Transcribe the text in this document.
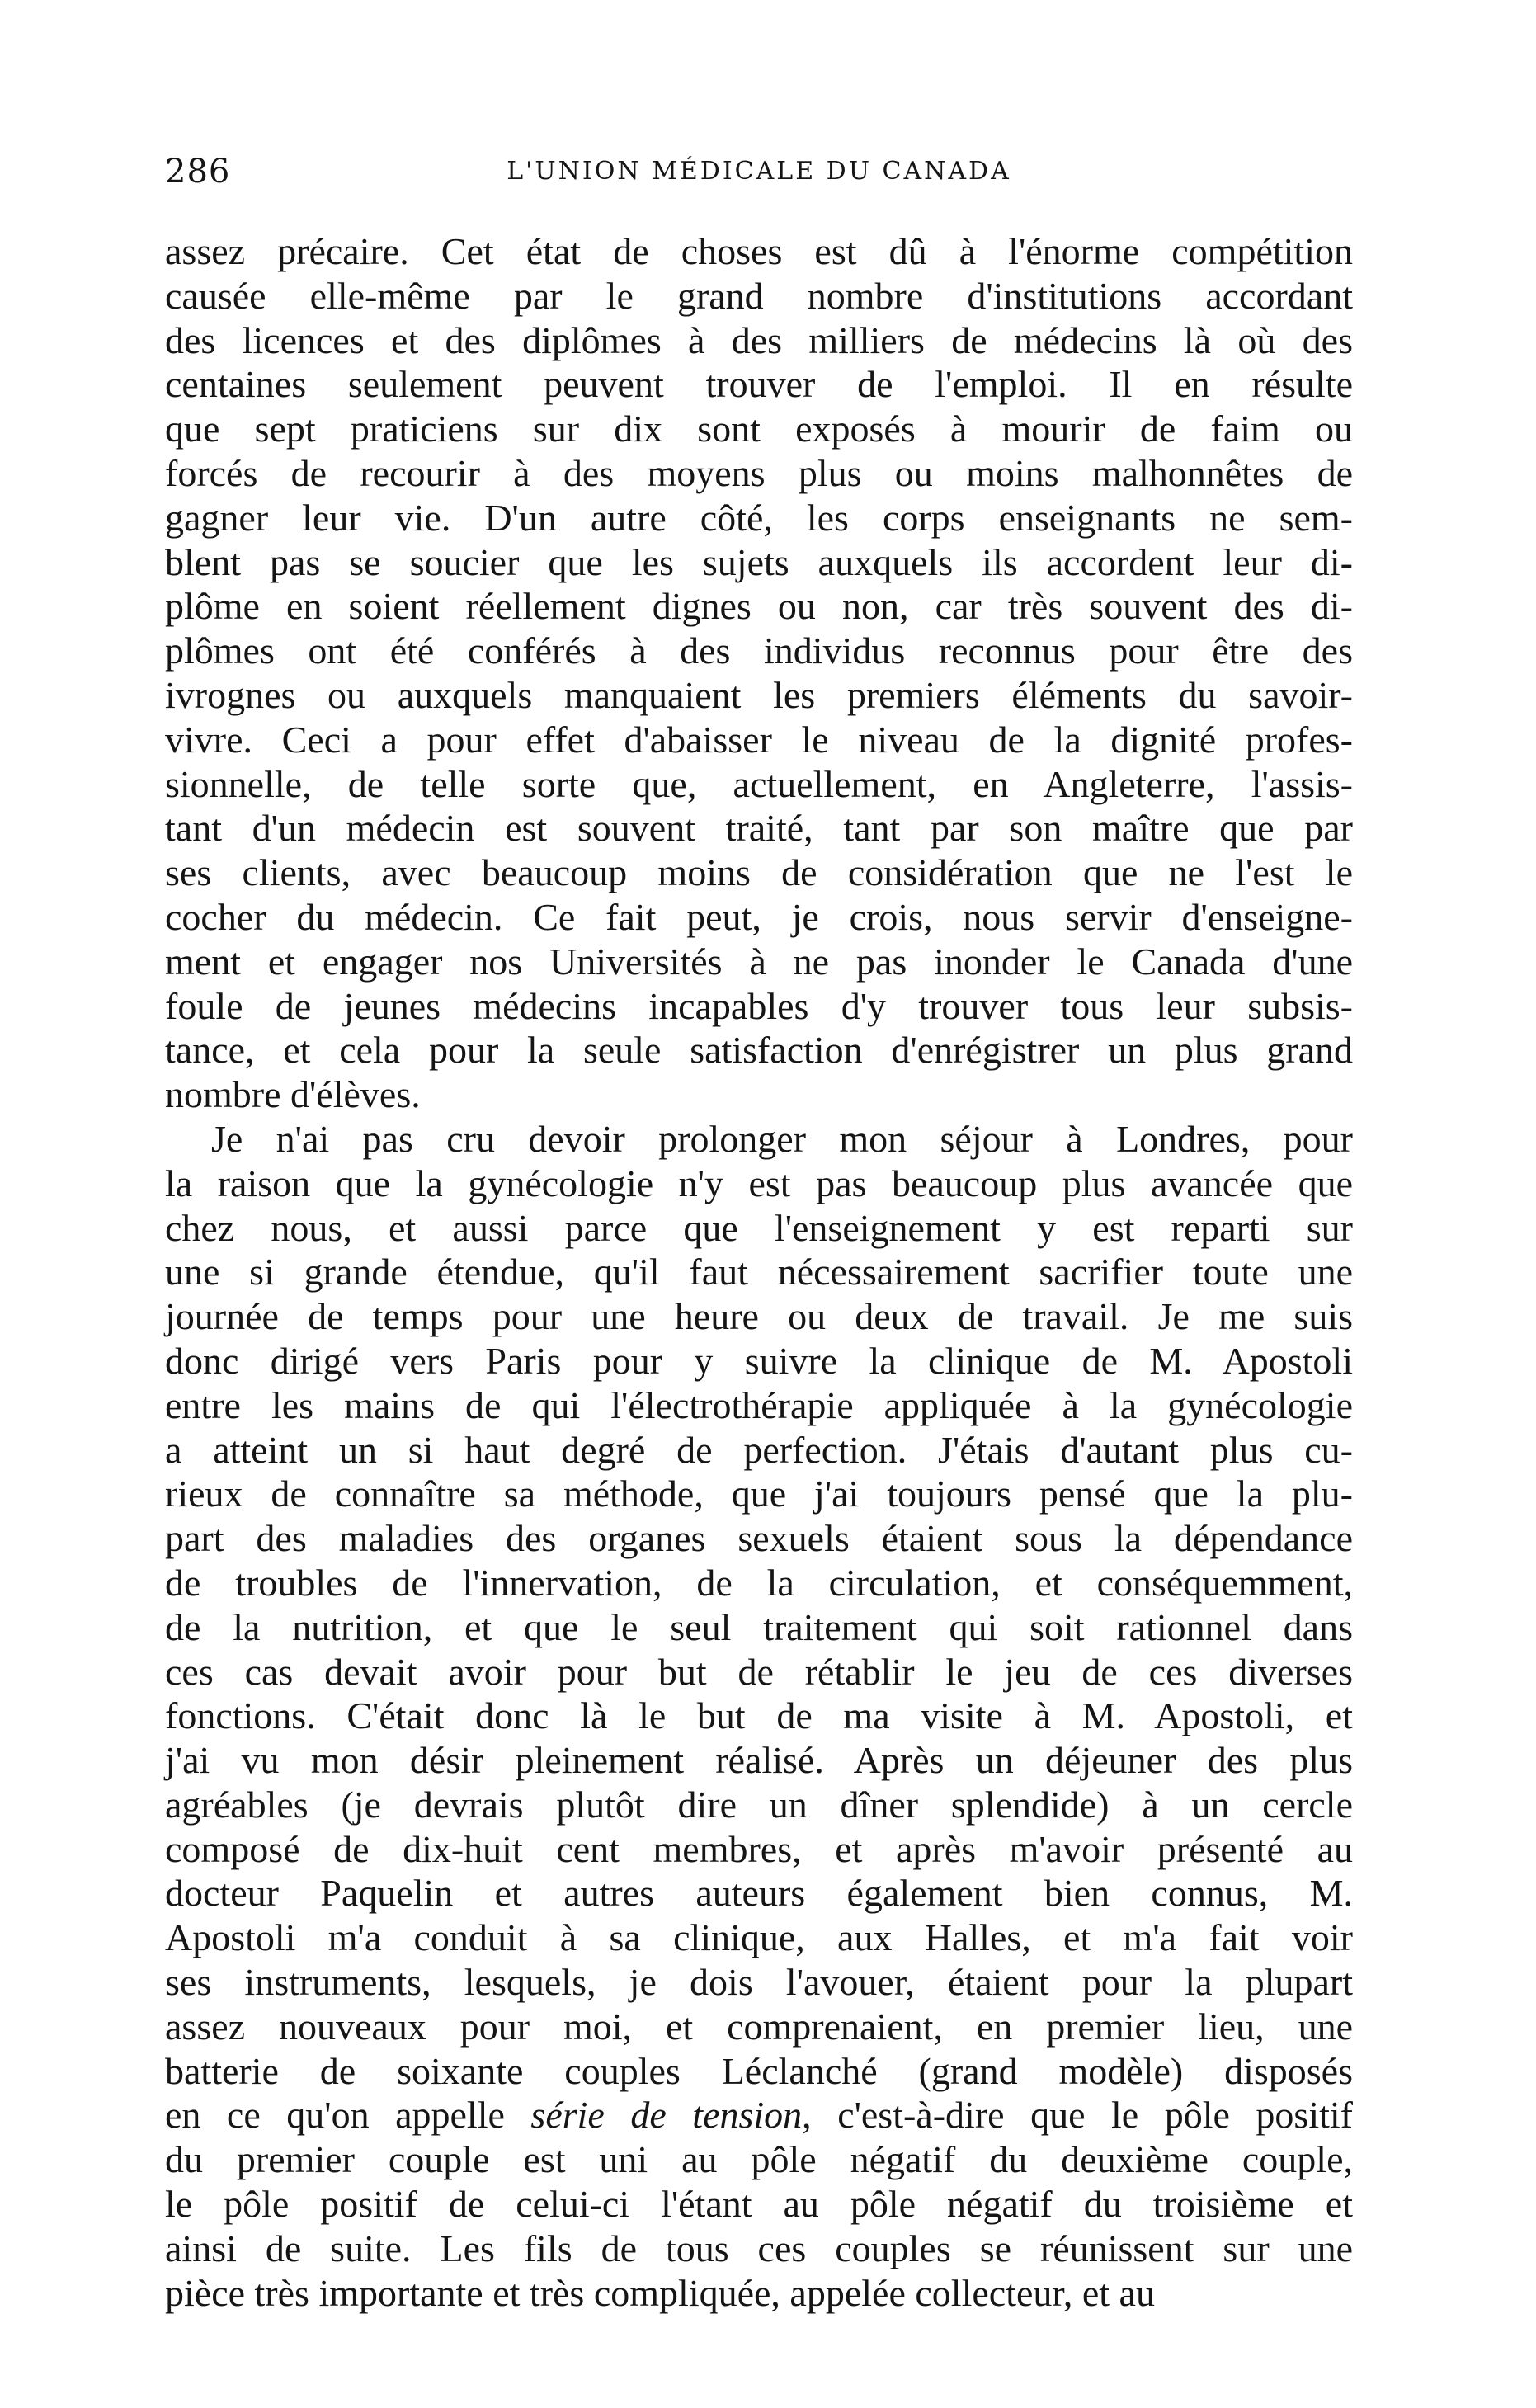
286	L'UNION MÉDICALE DU CANADA
assez précaire. Cet état de choses est dû à l'énorme compétition
causée elle-même par le grand nombre d'institutions accordant
des licences et des diplômes à des milliers de médecins là où des
centaines seulement peuvent trouver de l'emploi. Il en résulte
que sept praticiens sur dix sont exposés à mourir de faim ou
forcés de recourir à des moyens plus ou moins malhonnêtes de
gagner leur vie. D'un autre côté, les corps enseignants ne sem-
blent pas se soucier que les sujets auxquels ils accordent leur di-
plôme en soient réellement dignes ou non, car très souvent des di-
plômes ont été conférés à des individus reconnus pour être des
ivrognes ou auxquels manquaient les premiers éléments du savoir-
vivre. Ceci a pour effet d'abaisser le niveau de la dignité profes-
sionnelle, de telle sorte que, actuellement, en Angleterre, l'assis-
tant d'un médecin est souvent traité, tant par son maître que par
ses clients, avec beaucoup moins de considération que ne l'est le
cocher du médecin. Ce fait peut, je crois, nous servir d'enseigne-
ment et engager nos Universités à ne pas inonder le Canada d'une
foule de jeunes médecins incapables d'y trouver tous leur subsis-
tance, et cela pour la seule satisfaction d'enrégistrer un plus grand
nombre d'élèves.
Je n'ai pas cru devoir prolonger mon séjour à Londres, pour
la raison que la gynécologie n'y est pas beaucoup plus avancée que
chez nous, et aussi parce que l'enseignement y est reparti sur
une si grande étendue, qu'il faut nécessairement sacrifier toute une
journée de temps pour une heure ou deux de travail. Je me suis
donc dirigé vers Paris pour y suivre la clinique de M. Apostoli
entre les mains de qui l'électrothérapie appliquée à la gynécologie
a atteint un si haut degré de perfection. J'étais d'autant plus cu-
rieux de connaître sa méthode, que j'ai toujours pensé que la plu-
part des maladies des organes sexuels étaient sous la dépendance
de troubles de l'innervation, de la circulation, et conséquemment,
de la nutrition, et que le seul traitement qui soit rationnel dans
ces cas devait avoir pour but de rétablir le jeu de ces diverses
fonctions. C'était donc là le but de ma visite à M. Apostoli, et
j'ai vu mon désir pleinement réalisé. Après un déjeuner des plus
agréables (je devrais plutôt dire un dîner splendide) à un cercle
composé de dix-huit cent membres, et après m'avoir présenté au
docteur Paquelin et autres auteurs également bien connus, M.
Apostoli m'a conduit à sa clinique, aux Halles, et m'a fait voir
ses instruments, lesquels, je dois l'avouer, étaient pour la plupart
assez nouveaux pour moi, et comprenaient, en premier lieu, une
batterie de soixante couples Léclanché (grand modèle) disposés
en ce qu'on appelle série de tension, c'est-à-dire que le pôle positif
du premier couple est uni au pôle négatif du deuxième couple,
le pôle positif de celui-ci l'étant au pôle négatif du troisième et
ainsi de suite. Les fils de tous ces couples se réunissent sur une
pièce très importante et très compliquée, appelée collecteur, et au
